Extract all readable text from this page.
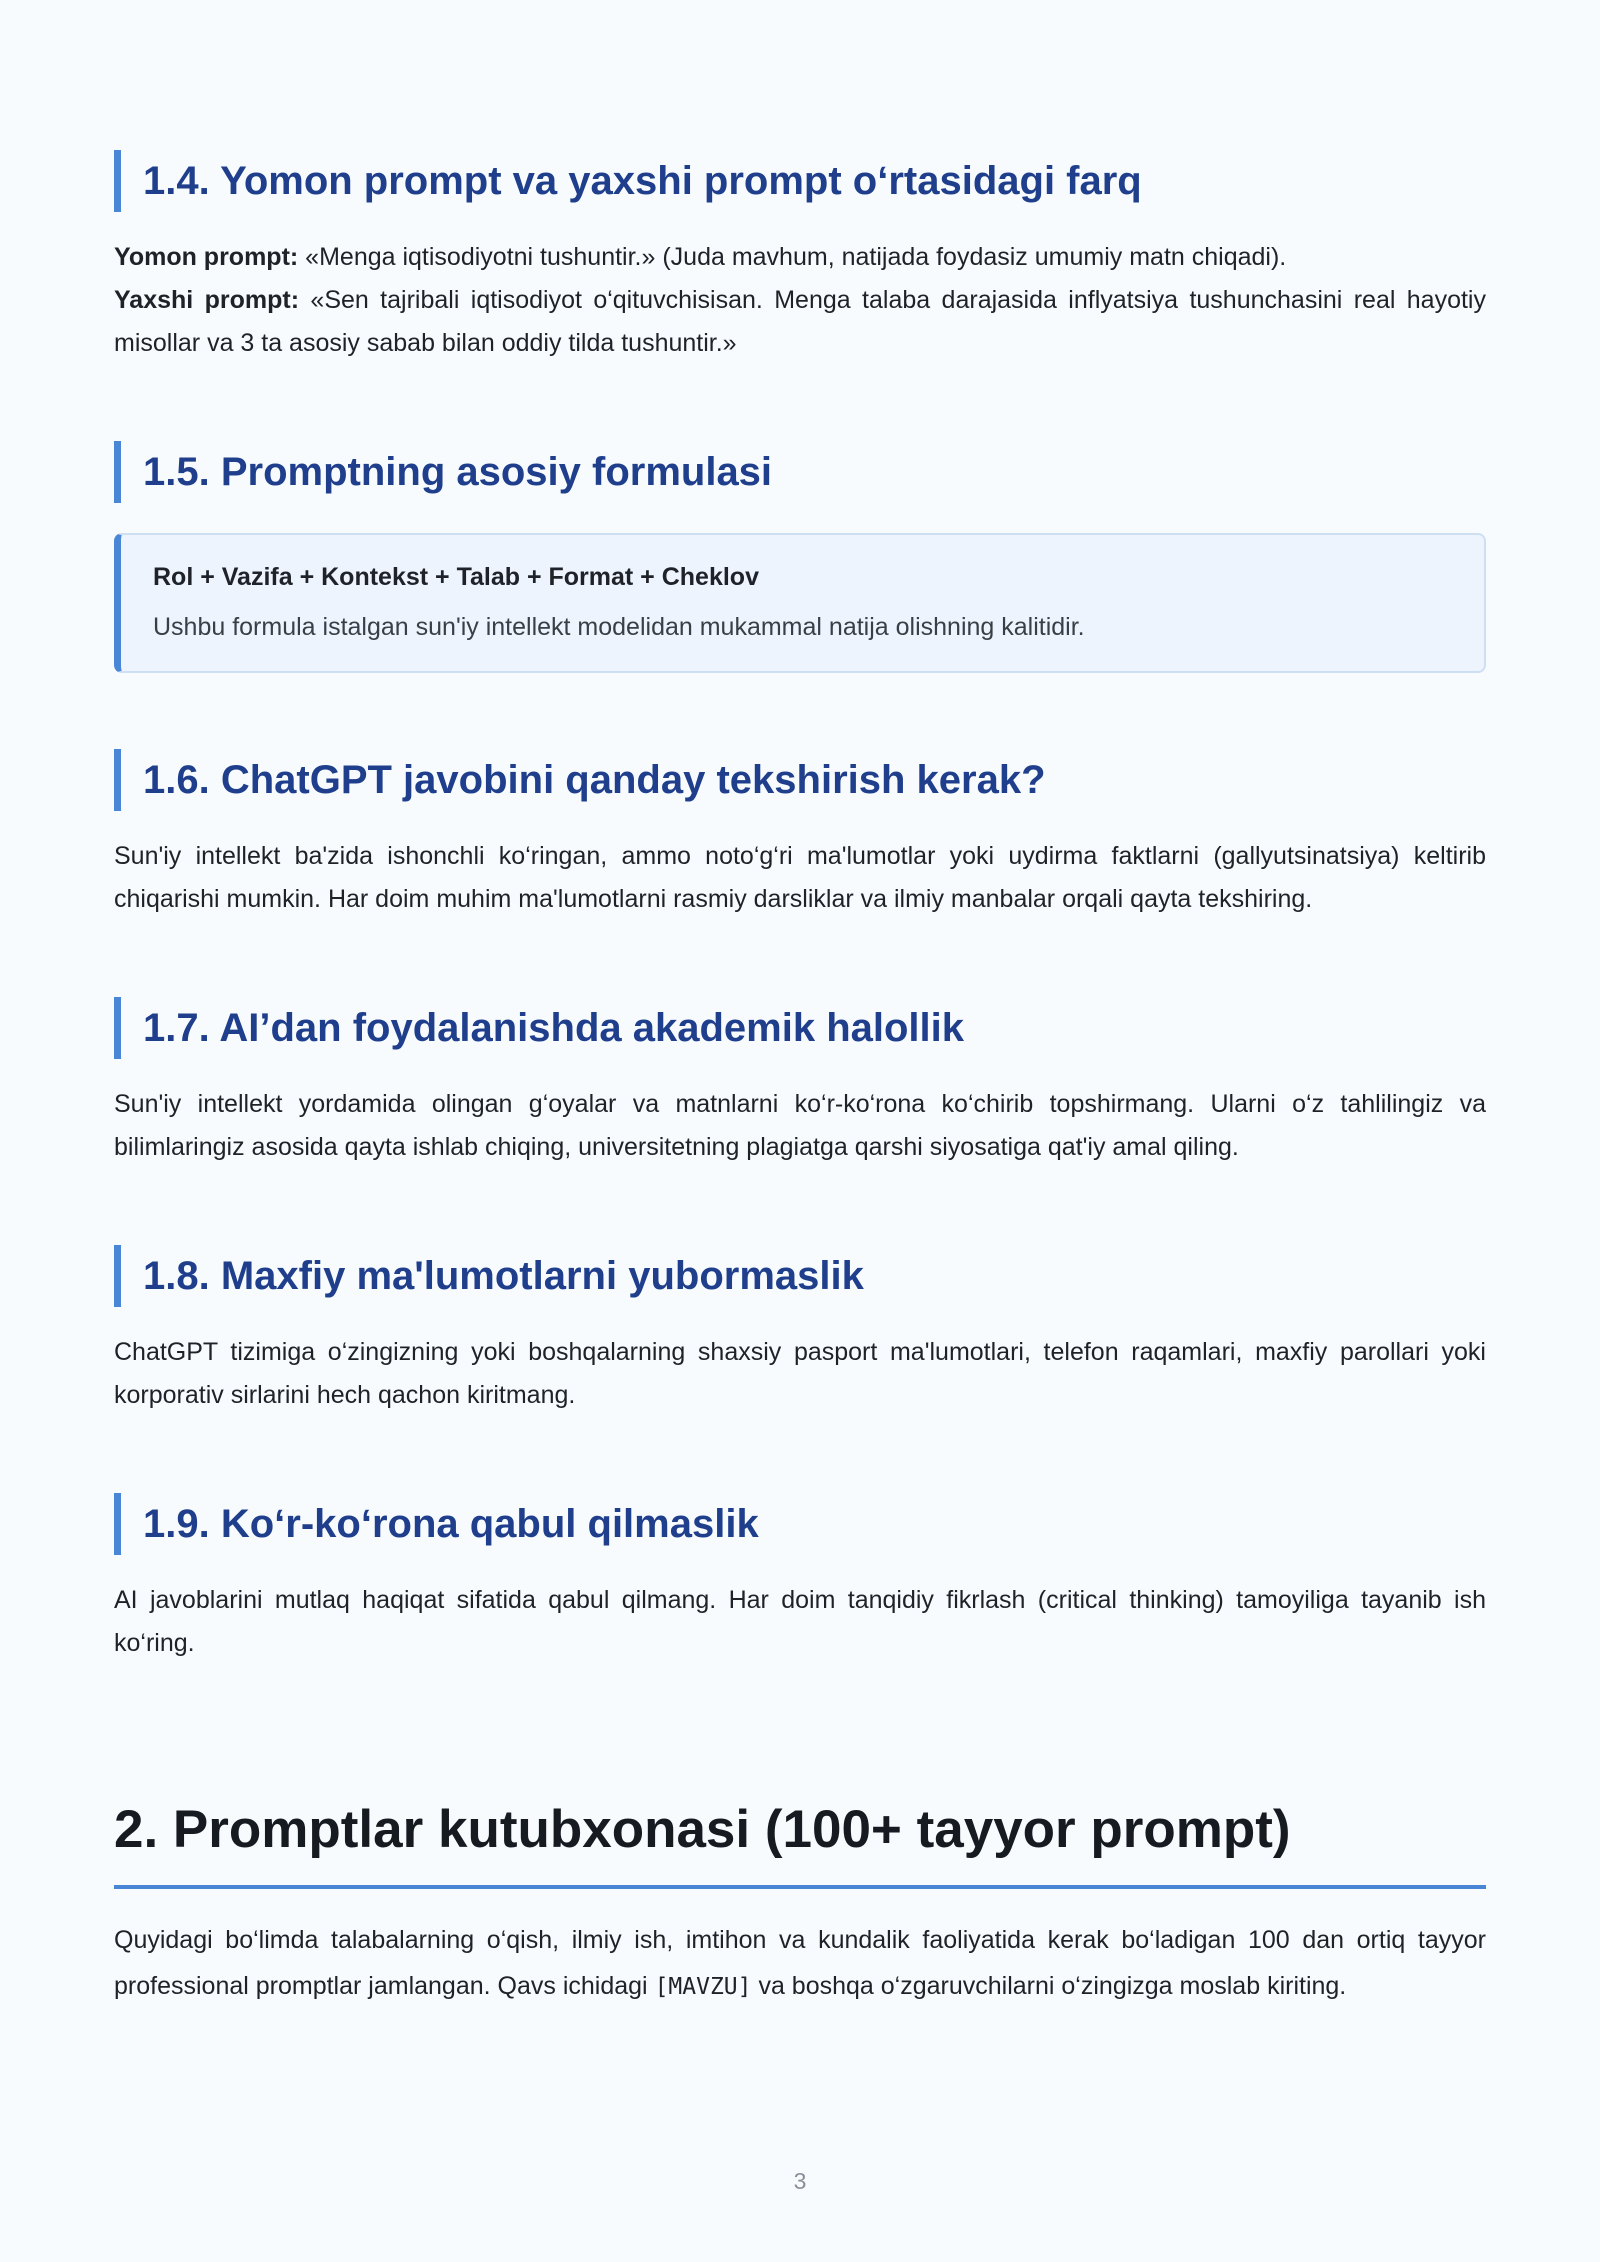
1.4. Yomon prompt va yaxshi prompt o‘rtasidagi farq

Yomon prompt: «Menga iqtisodiyotni tushuntir.» (Juda mavhum, natijada foydasiz umumiy matn chiqadi).

Yaxshi prompt: «Sen tajribali iqtisodiyot o‘qituvchisisan. Menga talaba darajasida inflyatsiya tushunchasini real hayotiy misollar va 3 ta asosiy sabab bilan oddiy tilda tushuntir.»

1.5. Promptning asosiy formulasi

Rol + Vazifa + Kontekst + Talab + Format + Cheklov

Ushbu formula istalgan sun'iy intellekt modelidan mukammal natija olishning kalitidir.

1.6. ChatGPT javobini qanday tekshirish kerak?

Sun'iy intellekt ba'zida ishonchli ko‘ringan, ammo noto‘g‘ri ma'lumotlar yoki uydirma faktlarni (gallyutsinatsiya) keltirib chiqarishi mumkin. Har doim muhim ma'lumotlarni rasmiy darsliklar va ilmiy manbalar orqali qayta tekshiring.

1.7. AI’dan foydalanishda akademik halollik

Sun'iy intellekt yordamida olingan g‘oyalar va matnlarni ko‘r-ko‘rona ko‘chirib topshirmang. Ularni o‘z tahlilingiz va bilimlaringiz asosida qayta ishlab chiqing, universitetning plagiatga qarshi siyosatiga qat'iy amal qiling.

1.8. Maxfiy ma'lumotlarni yubormaslik

ChatGPT tizimiga o‘zingizning yoki boshqalarning shaxsiy pasport ma'lumotlari, telefon raqamlari, maxfiy parollari yoki korporativ sirlarini hech qachon kiritmang.

1.9. Ko‘r-ko‘rona qabul qilmaslik

AI javoblarini mutlaq haqiqat sifatida qabul qilmang. Har doim tanqidiy fikrlash (critical thinking) tamoyiliga tayanib ish ko‘ring.

2. Promptlar kutubxonasi (100+ tayyor prompt)

Quyidagi bo‘limda talabalarning o‘qish, ilmiy ish, imtihon va kundalik faoliyatida kerak bo‘ladigan 100 dan ortiq tayyor professional promptlar jamlangan. Qavs ichidagi [MAVZU] va boshqa o‘zgaruvchilarni o‘zingizga moslab kiriting.

3
